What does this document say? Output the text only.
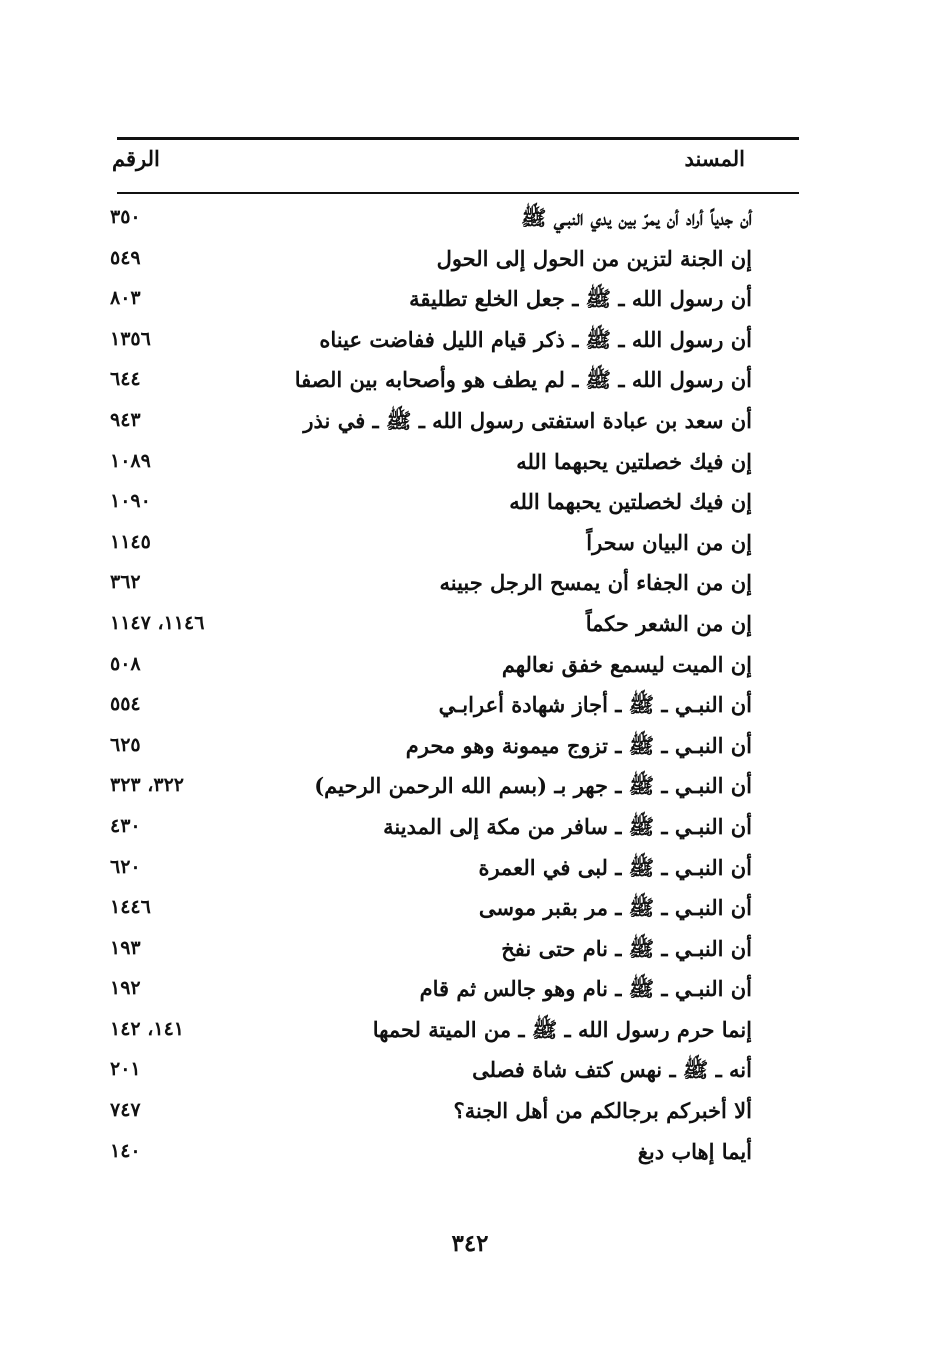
المسند
الرقم
أن جدياً أراد أن يمرّ بين يدي النبـي ﷺ
٣٥٠
إن الجنة لتزين من الحول إلى الحول
٥٤٩
أن رسول الله ـ ﷺ ـ جعل الخلع تطليقة
٨٠٣
أن رسول الله ـ ﷺ ـ ذكر قيام الليل ففاضت عيناه
١٣٥٦
أن رسول الله ـ ﷺ ـ لم يطف هو وأصحابه بين الصفا
٦٤٤
أن سعد بن عبادة استفتى رسول الله ـ ﷺ ـ في نذر
٩٤٣
إن فيك خصلتين يحبهما الله
١٠٨٩
إن فيك لخصلتين يحبهما الله
١٠٩٠
إن من البيان سحراً
١١٤٥
إن من الجفاء أن يمسح الرجل جبينه
٣٦٢
إن من الشعر حكماً
١١٤٦، ١١٤٧
إن الميت ليسمع خفق نعالهم
٥٠٨
أن النبـي ـ ﷺ ـ أجاز شهادة أعرابـي
٥٥٤
أن النبـي ـ ﷺ ـ تزوج ميمونة وهو محرم
٦٢٥
أن النبـي ـ ﷺ ـ جهر بـ (بسم الله الرحمن الرحيم)
٣٢٢، ٣٢٣
أن النبـي ـ ﷺ ـ سافر من مكة إلى المدينة
٤٣٠
أن النبـي ـ ﷺ ـ لبى في العمرة
٦٢٠
أن النبـي ـ ﷺ ـ مر بقبر موسى
١٤٤٦
أن النبـي ـ ﷺ ـ نام حتى نفخ
١٩٣
أن النبـي ـ ﷺ ـ نام وهو جالس ثم قام
١٩٢
إنما حرم رسول الله ـ ﷺ ـ من الميتة لحمها
١٤١، ١٤٢
أنه ـ ﷺ ـ نهس كتف شاة فصلى
٢٠١
ألا أخبركم برجالكم من أهل الجنة؟
٧٤٧
أيما إهاب دبغ
١٤٠
٣٤٢
